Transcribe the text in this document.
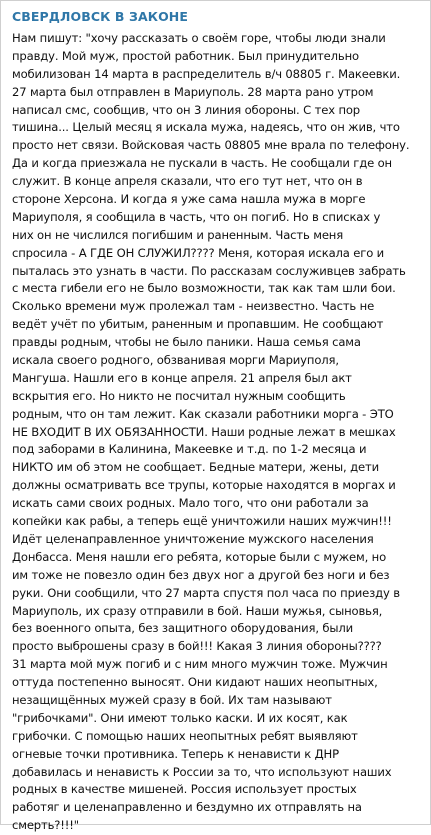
СВЕРДЛОВСК В ЗАКОНЕ
Нам пишут: "хочу рассказать о своём горе, чтобы люди знали
правду. Мой муж, простой работник. Был принудительно
мобилизован 14 марта в распределитель в/ч 08805 г. Макеевки.
27 марта был отправлен в Мариуполь. 28 марта рано утром
написал смс, сообщив, что он 3 линия обороны. С тех пор
тишина... Целый месяц я искала мужа, надеясь, что он жив, что
просто нет связи. Войсковая часть 08805 мне врала по телефону.
Да и когда приезжала не пускали в часть. Не сообщали где он
служит. В конце апреля сказали, что его тут нет, что он в
стороне Херсона. И когда я уже сама нашла мужа в морге
Мариуполя, я сообщила в часть, что он погиб. Но в списках у
них он не числился погибшим и раненным. Часть меня
спросила - А ГДЕ ОН СЛУЖИЛ???? Меня, которая искала его и
пыталась это узнать в части. По рассказам сослуживцев забрать
с места гибели его не было возможности, так как там шли бои.
Сколько времени муж пролежал там - неизвестно. Часть не
ведёт учёт по убитым, раненным и пропавшим. Не сообщают
правды родным, чтобы не было паники. Наша семья сама
искала своего родного, обзванивая морги Мариуполя,
Мангуша. Нашли его в конце апреля. 21 апреля был акт
вскрытия его. Но никто не посчитал нужным сообщить
родным, что он там лежит. Как сказали работники морга - ЭТО
НЕ ВХОДИТ В ИХ ОБЯЗАННОСТИ. Наши родные лежат в мешках
под заборами в Калинина, Макеевке и т.д. по 1-2 месяца и
НИКТО им об этом не сообщает. Бедные матери, жены, дети
должны осматривать все трупы, которые находятся в моргах и
искать сами своих родных. Мало того, что они работали за
копейки как рабы, а теперь ещё уничтожили наших мужчин!!!
Идёт целенаправленное уничтожение мужского населения
Донбасса. Меня нашли его ребята, которые были с мужем, но
им тоже не повезло один без двух ног а другой без ноги и без
руки. Они сообщили, что 27 марта спустя пол часа по приезду в
Мариуполь, их сразу отправили в бой. Наши мужья, сыновья,
без военного опыта, без защитного оборудования, были
просто выброшены сразу в бой!!! Какая 3 линия обороны????
31 марта мой муж погиб и с ним много мужчин тоже. Мужчин
оттуда постепенно выносят. Они кидают наших неопытных,
незащищённых мужей сразу в бой. Их там называют
"грибочками". Они имеют только каски. И их косят, как
грибочки. С помощью наших неопытных ребят выявляют
огневые точки противника. Теперь к ненависти к ДНР
добавилась и ненависть к России за то, что используют наших
родных в качестве мишеней. Россия использует простых
работяг и целенаправленно и бездумно их отправлять на
смерть?!!!"
